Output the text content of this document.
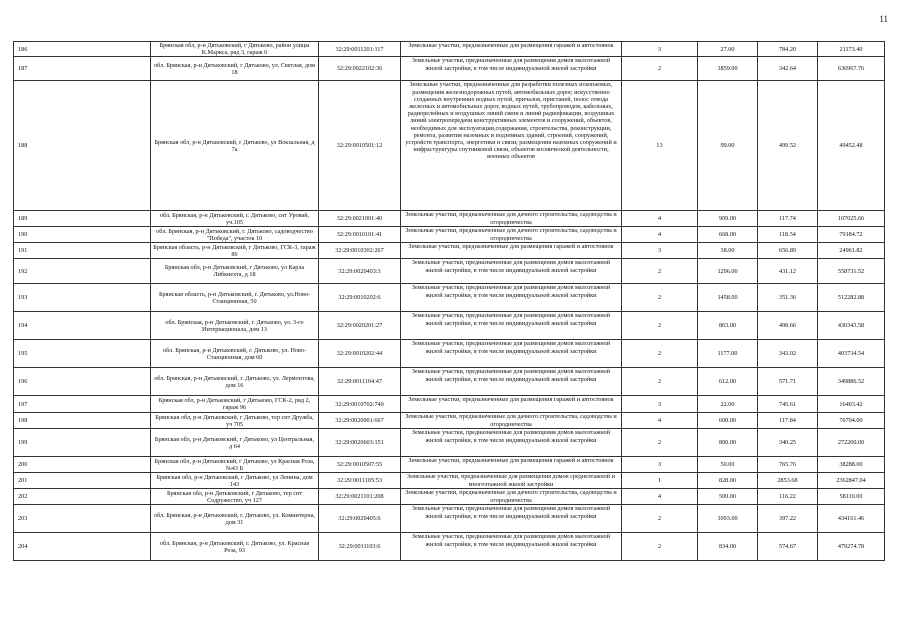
11
186	Брянская обл, р-н Дятьковский, г Дятьково, район улицы К.Маркса, ряд 3, гараж 6	32:29:0011201:117	Земельные участки, предназначенные для размещения гаражей и автостоянок	3	27.00	784.20	21173.40
187	обл. Брянская, р-н Дятьковский, г Дятьково, ул. Светлая, дом 18	32:29:0022102:36	Земельные участки, предназначенные для размещения домов малоэтажной жилой застройки, в том числе индивидуальной жилой застройки	2	1859.00	342.64	636967.76
188	Брянская обл, р-н Дятьковский, г Дятьково, ул Вокзальная, д 7а	32:29:0010501:12	Земельные участки, предназначенные для разработки полезных ископаемых, размещения железнодорожных путей, автомобильных дорог, искусственно созданных внутренних водных путей, причалов, пристаней, полос отвода железных и автомобильных дорог, водных путей, трубопроводов, кабельных, радиорелейных и воздушных линий связи и линий радиофикации, воздушных линий электропередачи конструктивных элементов и сооружений, объектов, необходимых для эксплуатации,содержания, строительства, реконструкции, ремонта, развития наземных и подземных зданий, строений, сооружений, устройств транспорта, энергетики и связи; размещения наземных сооружений и инфраструктуры спутниковой связи, объектов космической деятельности, военных объектов	13	99.00	499.52	49452.48
189	обл. Брянская, р-н Дятьковский, г. Дятьково, снт Уровай, уч.105	32:29:0021001:40	Земельные участки, предназначенные для дачного строительства, садоводства и огородничества	4	909.00	117.74	107025.66
190	обл. Брянская, р-н Дятьковский, г. Дятьково, садоводчество "Победа", участок 10	32:29:0010101:41	Земельные участки, предназначенные для дачного строительства, садоводства и огородничества	4	668.00	118.54	79184.72
191	Брянская область, р-н Дятьковский, г Дятьково, ГСК-3, гараж 86	32:29:0010302:267	Земельные участки, предназначенные для размещения гаражей и автостоянок	3	38.00	656.89	24961.82
192	Брянская обл, р-н Дятьковский, г Дятьково, ул Карла Либкнехта, д 18	32:29:0020403:3	Земельные участки, предназначенные для размещения домов малоэтажной жилой застройки, в том числе индивидуальной жилой застройки	2	1296.00	431.12	558731.52
193	Брянская область, р-н Дятьковский, г. Дятьково, ул.Ново-Станционная, 50	32:29:0010202:6	Земельные участки, предназначенные для размещения домов малоэтажной жилой застройки, в том числе индивидуальной жилой застройки	2	1458.00	351.36	512282.88
194	обл. Брянская, р-н Дятьковский, г. Дятьково, ул. 3-го Интернационала, дом 13	32:29:0020201:27	Земельные участки, предназначенные для размещения домов малоэтажной жилой застройки, в том числе индивидуальной жилой застройки	2	863.00	498.66	430343.58
195	обл. Брянская, р-н Дятьковский, г. Дятьково, ул. Ново-Станционная, дом 60	32:29:0010202:44	Земельные участки, предназначенные для размещения домов малоэтажной жилой застройки, в том числе индивидуальной жилой застройки	2	1177.00	343.02	403734.54
196	обл. Брянская, р-н Дятьковский, г. Дятьково, ул. Лермонтова, дом 16	32:29:0011104:47	Земельные участки, предназначенные для размещения домов малоэтажной жилой застройки, в том числе индивидуальной жилой застройки	2	612.00	571.71	349886.52
197	Брянская обл, р-н Дятьковский, г Дятьково, ГСК-2, ряд 2, гараж 96	32:29:0010702:740	Земельные участки, предназначенные для размещения гаражей и автостоянок	3	22.00	745.61	16403.42
198	Брянская обл, р-н Дятьковский, г Дятьково, тер снт Дружба, уч 705	32:29:0020901:667	Земельные участки, предназначенные для дачного строительства, садоводства и огородничества	4	600.00	117.84	70704.00
199	Брянская обл, р-н Дятьковский, г Дятьково, ул Центральная, д 64	32:29:0020603:151	Земельные участки, предназначенные для размещения домов малоэтажной жилой застройки, в том числе индивидуальной жилой застройки	2	800.00	340.25	272200.00
200	Брянская обл, р-н Дятьковский, г Дятьково, ул Красная Роза,№43 Б	32:29:0010507:55	Земельные участки, предназначенные для размещения гаражей и автостоянок	3	50.00	765.76	38288.00
201	Брянская обл, р-н Дятьковский, г Дятьково, ул Ленина, дом 143	32:29:0011105:53	Земельные участки, предназначенные для размещения домов среднеэтажной и многоэтажной жилой застройки	1	828.00	2853.68	2362847.04
202	Брянская обл, р-н Дятьковский, г Дятьково, тер снт Содружество, уч 127	32:29:0021101:208	Земельные участки, предназначенные для дачного строительства, садоводства и огородничества	4	500.00	116.22	58110.00
203	обл. Брянская, р-н Дятьковский, г. Дятьково, ул. Коминтерна, дом 31	32:29:0020405:6	Земельные участки, предназначенные для размещения домов малоэтажной жилой застройки, в том числе индивидуальной жилой застройки	2	1093.00	397.22	434161.46
204	обл. Брянская, р-н Дятьковский, г. Дятьково, ул. Красная Роза, 93	32:29:0011103:6	Земельные участки, предназначенные для размещения домов малоэтажной жилой застройки, в том числе индивидуальной жилой застройки	2	834.00	574.67	479274.78
